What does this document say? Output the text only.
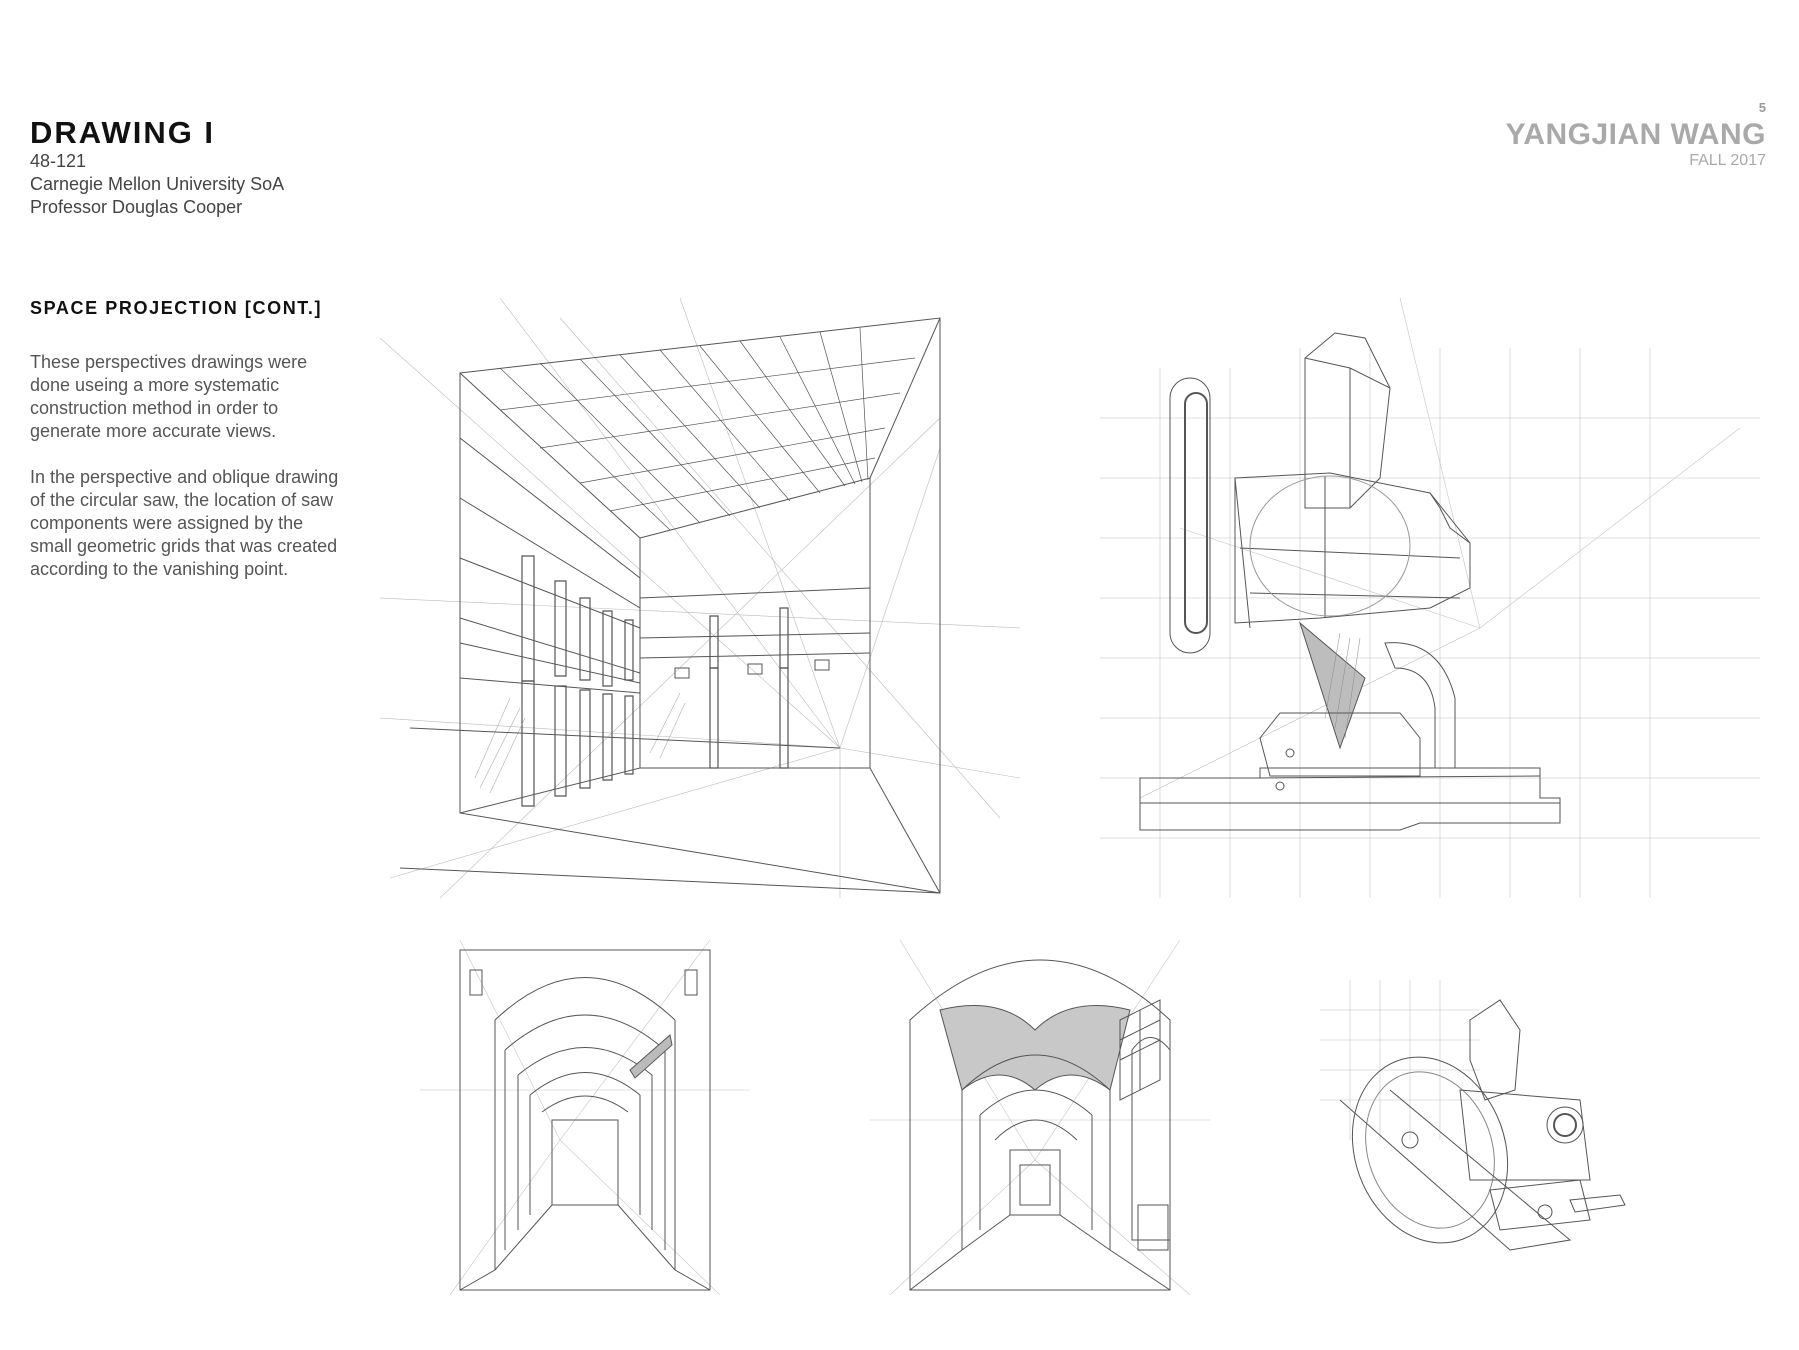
DRAWING I
48-121
Carnegie Mellon University SoA
Professor Douglas Cooper
5
YANGJIAN WANG
FALL 2017
SPACE PROJECTION [CONT.]

These perspectives drawings were
done useing a more systematic
construction method in order to
generate more accurate views.

In the perspective and oblique drawing
of the circular saw, the location of saw
components were assigned by the
small geometric grids that was created
according to the vanishing point.
